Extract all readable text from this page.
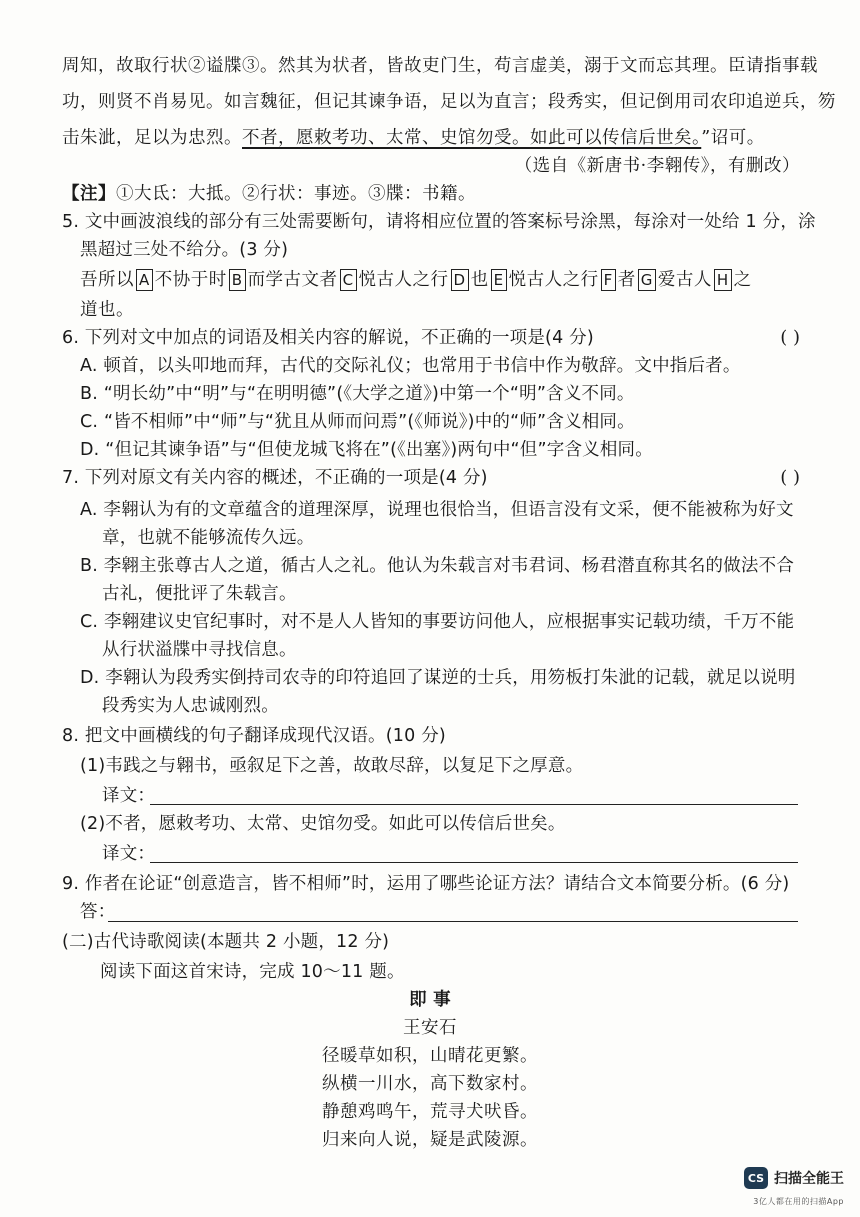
周知，故取行状②谥牒③。然其为状者，皆故吏门生，苟言虚美，溺于文而忘其理。臣请指事载
功，则贤不肖易见。如言魏征，但记其谏争语，足以为直言；段秀实，但记倒用司农印追逆兵，笏
击朱泚，足以为忠烈。不者，愿敕考功、太常、史馆勿受。如此可以传信后世矣。”诏可。
（选自《新唐书·李翱传》，有删改）
【注】①大氐：大抵。②行状：事迹。③牒：书籍。
5. 文中画波浪线的部分有三处需要断句，请将相应位置的答案标号涂黑，每涂对一处给 1 分，涂
黑超过三处不给分。(3 分)
吾所以 A 不协于时 B 而学古文者 C 悦古人之行 D 也 E 悦古人之行 F 者 G 爱古人 H 之
道也。
6. 下列对文中加点的词语及相关内容的解说，不正确的一项是(4 分)	( )
A. 顿首，以头叩地而拜，古代的交际礼仪；也常用于书信中作为敬辞。文中指后者。
B. “明长幼”中“明”与“在明明德”(《大学之道》)中第一个“明”含义不同。
C. “皆不相师”中“师”与“犹且从师而问焉”(《师说》)中的“师”含义相同。
D. “但记其谏争语”与“但使龙城飞将在”(《出塞》)两句中“但”字含义相同。
7. 下列对原文有关内容的概述，不正确的一项是(4 分)	( )
A. 李翱认为有的文章蕴含的道理深厚，说理也很恰当，但语言没有文采，便不能被称为好文
章，也就不能够流传久远。
B. 李翱主张尊古人之道，循古人之礼。他认为朱载言对韦君词、杨君潜直称其名的做法不合
古礼，便批评了朱载言。
C. 李翱建议史官纪事时，对不是人人皆知的事要访问他人，应根据事实记载功绩，千万不能
从行状溢牒中寻找信息。
D. 李翱认为段秀实倒持司农寺的印符追回了谋逆的士兵，用笏板打朱泚的记载，就足以说明
段秀实为人忠诚刚烈。
8. 把文中画横线的句子翻译成现代汉语。(10 分)
(1)韦践之与翱书，亟叙足下之善，故敢尽辞，以复足下之厚意。
译文：
(2)不者，愿敕考功、太常、史馆勿受。如此可以传信后世矣。
译文：
9. 作者在论证“创意造言，皆不相师”时，运用了哪些论证方法？请结合文本简要分析。(6 分)
答：
(二)古代诗歌阅读(本题共 2 小题，12 分)
阅读下面这首宋诗，完成 10～11 题。
即 事
王安石
径暖草如积，山晴花更繁。
纵横一川水，高下数家村。
静憩鸡鸣午，荒寻犬吠昏。
归来向人说，疑是武陵源。
CS 扫描全能王
3亿人都在用的扫描App
